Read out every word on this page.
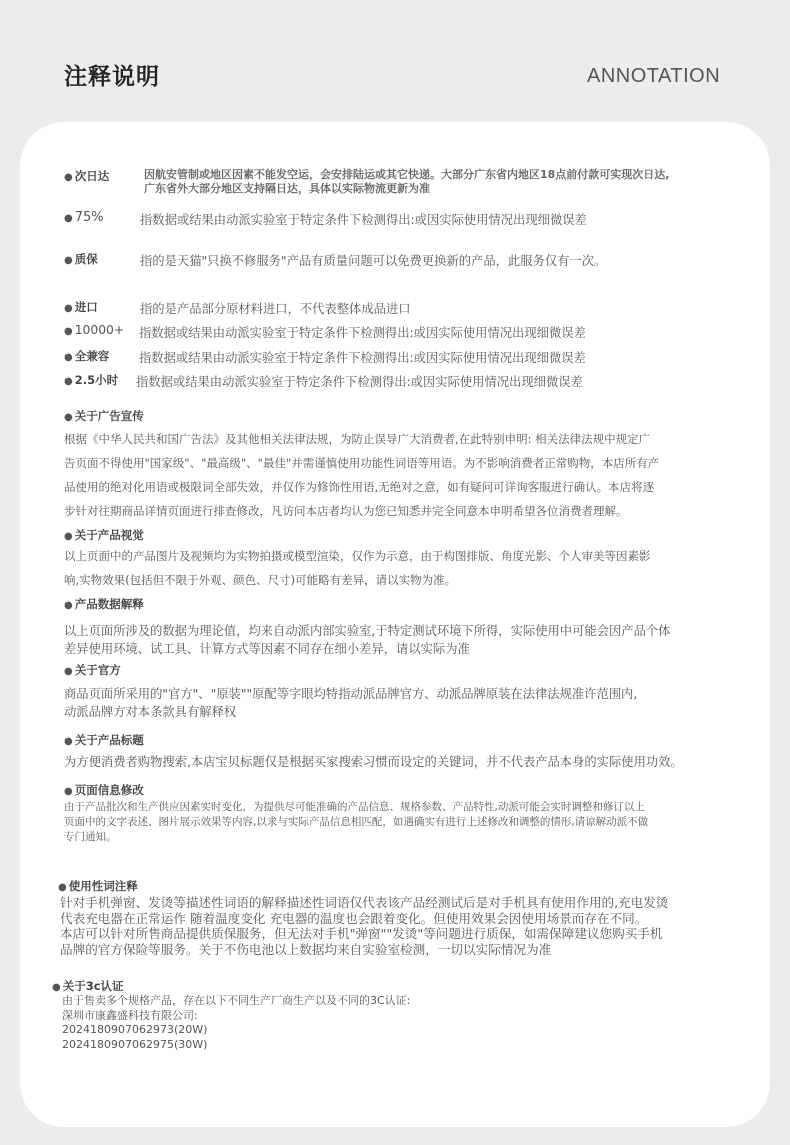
注释说明	ANNOTATION
● 次日达	因航安管制或地区因素不能发空运，会安排陆运或其它快递。大部分广东省内地区18点前付款可实现次日达,
广东省外大部分地区支持隔日达，具体以实际物流更新为准
● 75%	指数据或结果由动派实验室于特定条件下检测得出:或因实际使用情况出现细微误差
● 质保	指的是天猫"只换不修服务"产品有质量问题可以免费更换新的产品，此服务仅有一次。
● 进口	指的是产品部分原材料进口，不代表整体成品进口
● 10000+ 指数据或结果由动派实验室于特定条件下检测得出:或因实际使用情况出现细微误差
● 全兼容 指数据或结果由动派实验室于特定条件下检测得出:或因实际使用情况出现细微误差
● 2.5小时 指数据或结果由动派实验室于特定条件下检测得出:或因实际使用情况出现细微误差
● 关于广告宣传
根据《中华人民共和国广告法》及其他相关法律法规，为防止误导广大消费者,在此特别申明: 相关法律法规中规定广
告页面不得使用"国家级"、"最高级"、"最佳"并需谨慎使用功能性词语等用语。为不影响消费者正常购物，本店所有产
品使用的绝对化用语或极限词全部失效，并仅作为修饰性用语,无绝对之意，如有疑问可详询客服进行确认。本店将逐
步针对往期商品详情页面进行排查修改，凡访问本店者均认为您已知悉并完全同意本申明希望各位消费者理解。
● 关于产品视觉
以上页面中的产品图片及视频均为实物拍摄或模型渲染，仅作为示意，由于构图排版、角度光影、个人审美等因素影
响,实物效果(包括但不限于外观、颜色、尺寸)可能略有差异，请以实物为准。
● 产品数据解释
以上页面所涉及的数据为理论值，均来自动派内部实验室,于特定测试环境下所得，实际使用中可能会因产品个体
差异使用环境、试工具、计算方式等因素不同存在细小差异，请以实际为准
● 关于官方
商品页面所采用的"官方"、"原装""原配等字眼均特指动派品牌官方、动派品牌原装在法律法规准许范围内,
动派品牌方对本条款具有解释权
● 关于产品标题
为方便消费者购物搜索,本店宝贝标题仅是根据买家搜索习惯而设定的关键词，并不代表产品本身的实际使用功效。
● 页面信息修改
由于产品批次和生产供应因素实时变化，为提供尽可能准确的产品信息、规格参数、产品特性,动派可能会实时调整和修订以上
页面中的文字表述、图片展示效果等内容,以求与实际产品信息相匹配，如遇确实有进行上述修改和调整的情形,请谅解动派不做
专门通知。
● 使用性词注释
针对手机弹窗、发烫等描述性词语的解释描述性词语仅代表该产品经测试后是对手机具有使用作用的,充电发烫
代表充电器在正常运作 随着温度变化 充电器的温度也会跟着变化。但使用效果会因使用场景而存在不同。
本店可以针对所售商品提供质保服务，但无法对手机"弹窗""发烫"等问题进行质保，如需保障建议您购买手机
品牌的官方保险等服务。关于不伤电池以上数据均来自实验室检测，一切以实际情况为准
● 关于3c认证
由于售卖多个规格产品，存在以下不同生产厂商生产以及不同的3C认证:
深圳市康鑫盛科技有限公司:
2024180907062973(20W)
2024180907062975(30W)
